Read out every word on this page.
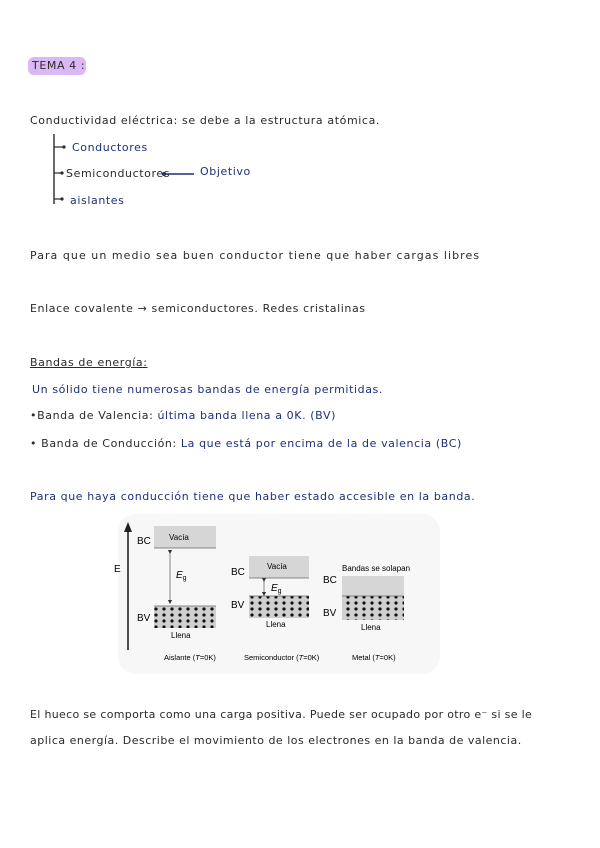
TEMA 4 :
Conductividad eléctrica: se debe a la estructura atómica.
Conductores
Semiconductores	Objetivo
aislantes
Para que un medio sea buen conductor tiene que haber cargas libres
Enlace covalente → semiconductores. Redes cristalinas
Bandas de energía:
Un sólido tiene numerosas bandas de energía permitidas.
•Banda de Valencia: última banda llena a 0K. (BV)
• Banda de Conducción: La que está por encima de la de valencia (BC)
Para que haya conducción tiene que haber estado accesible en la banda.
E
BC
BV
Vacía
$E_g$
Llena
Aislante (T=0K)
BC
BV
Vacía
$E_g$
Llena
Semiconductor (T=0K)
BC
BV
Bandas se solapan
Llena
Metal (T=0K)
El hueco se comporta como una carga positiva. Puede ser ocupado por otro e⁻ si se le
aplica energía. Describe el movimiento de los electrones en la banda de valencia.
